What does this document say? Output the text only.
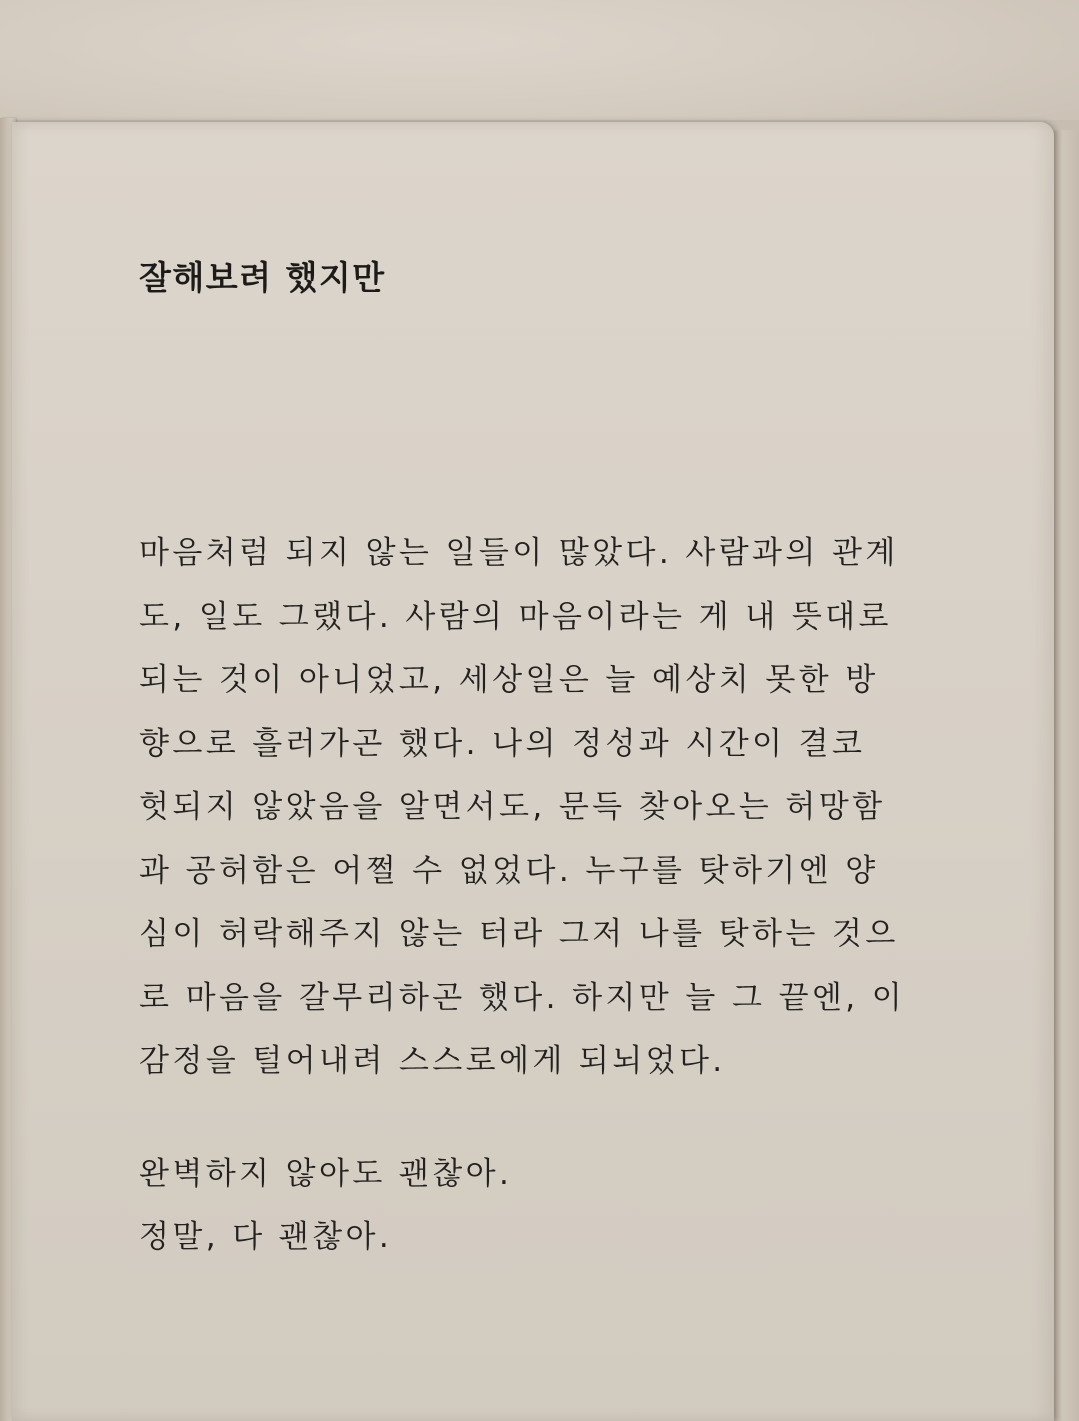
잘해보려 했지만
마음처럼 되지 않는 일들이 많았다. 사람과의 관계
도, 일도 그랬다. 사람의 마음이라는 게 내 뜻대로
되는 것이 아니었고, 세상일은 늘 예상치 못한 방
향으로 흘러가곤 했다. 나의 정성과 시간이 결코
헛되지 않았음을 알면서도, 문득 찾아오는 허망함
과 공허함은 어쩔 수 없었다. 누구를 탓하기엔 양
심이 허락해주지 않는 터라 그저 나를 탓하는 것으
로 마음을 갈무리하곤 했다. 하지만 늘 그 끝엔, 이
감정을 털어내려 스스로에게 되뇌었다.
완벽하지 않아도 괜찮아.
정말, 다 괜찮아.
